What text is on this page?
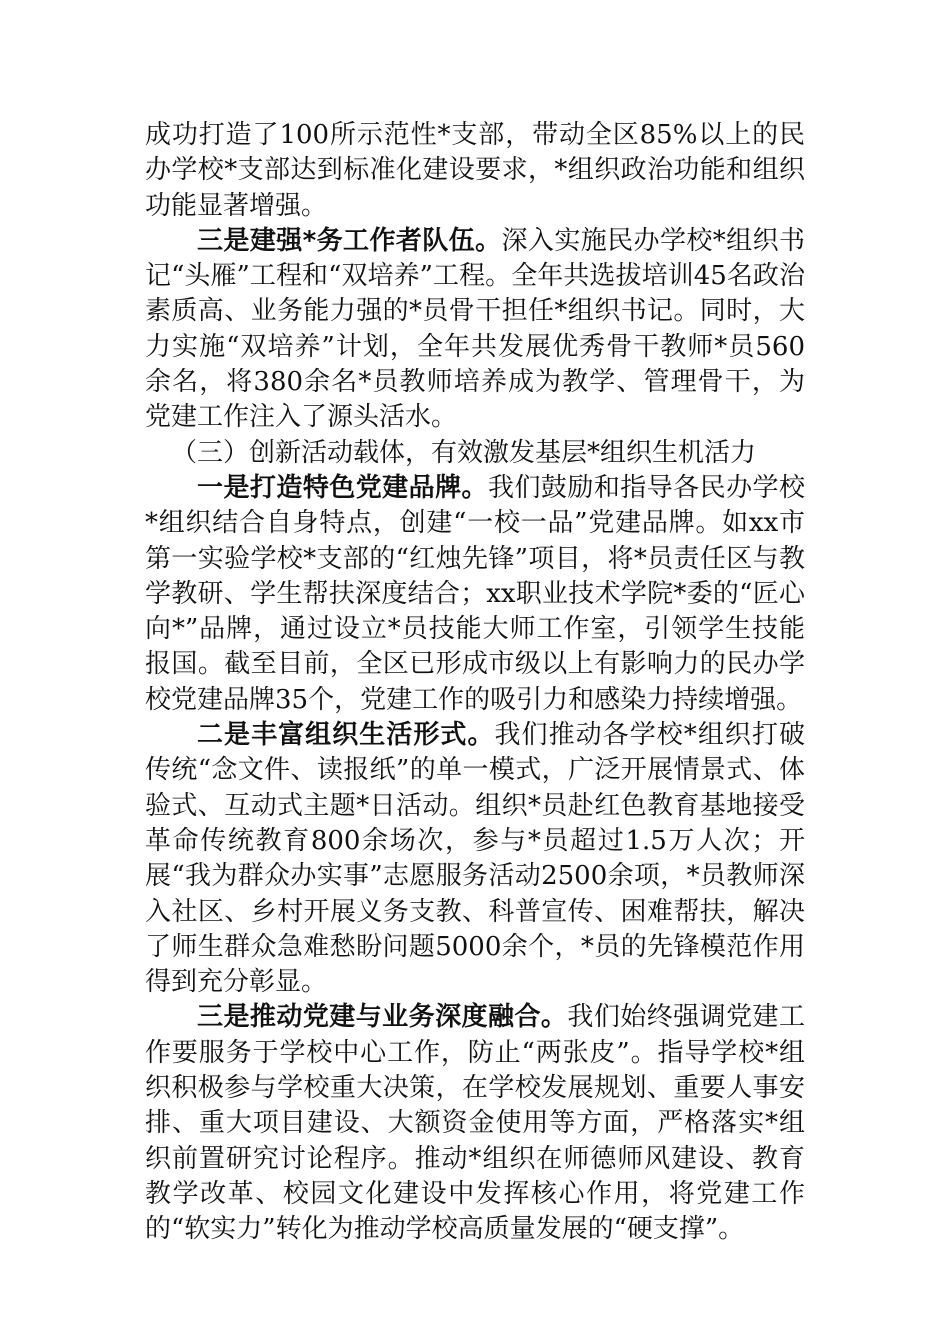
成功打造了100所示范性*支部，带动全区85%以上的民办学校*支部达到标准化建设要求，*组织政治功能和组织功能显著增强。

三是建强*务工作者队伍。深入实施民办学校*组织书记“头雁”工程和“双培养”工程。全年共选拔培训45名政治素质高、业务能力强的*员骨干担任*组织书记。同时，大力实施“双培养”计划，全年共发展优秀骨干教师*员560余名，将380余名*员教师培养成为教学、管理骨干，为党建工作注入了源头活水。

（三）创新活动载体，有效激发基层*组织生机活力

一是打造特色党建品牌。我们鼓励和指导各民办学校*组织结合自身特点，创建“一校一品”党建品牌。如xx市第一实验学校*支部的“红烛先锋”项目，将*员责任区与教学教研、学生帮扶深度结合；xx职业技术学院*委的“匠心向*”品牌，通过设立*员技能大师工作室，引领学生技能报国。截至目前，全区已形成市级以上有影响力的民办学校党建品牌35个，党建工作的吸引力和感染力持续增强。

二是丰富组织生活形式。我们推动各学校*组织打破传统“念文件、读报纸”的单一模式，广泛开展情景式、体验式、互动式主题*日活动。组织*员赴红色教育基地接受革命传统教育800余场次，参与*员超过1.5万人次；开展“我为群众办实事”志愿服务活动2500余项，*员教师深入社区、乡村开展义务支教、科普宣传、困难帮扶，解决了师生群众急难愁盼问题5000余个，*员的先锋模范作用得到充分彰显。

三是推动党建与业务深度融合。我们始终强调党建工作要服务于学校中心工作，防止“两张皮”。指导学校*组织积极参与学校重大决策，在学校发展规划、重要人事安排、重大项目建设、大额资金使用等方面，严格落实*组织前置研究讨论程序。推动*组织在师德师风建设、教育教学改革、校园文化建设中发挥核心作用，将党建工作的“软实力”转化为推动学校高质量发展的“硬支撑”。
